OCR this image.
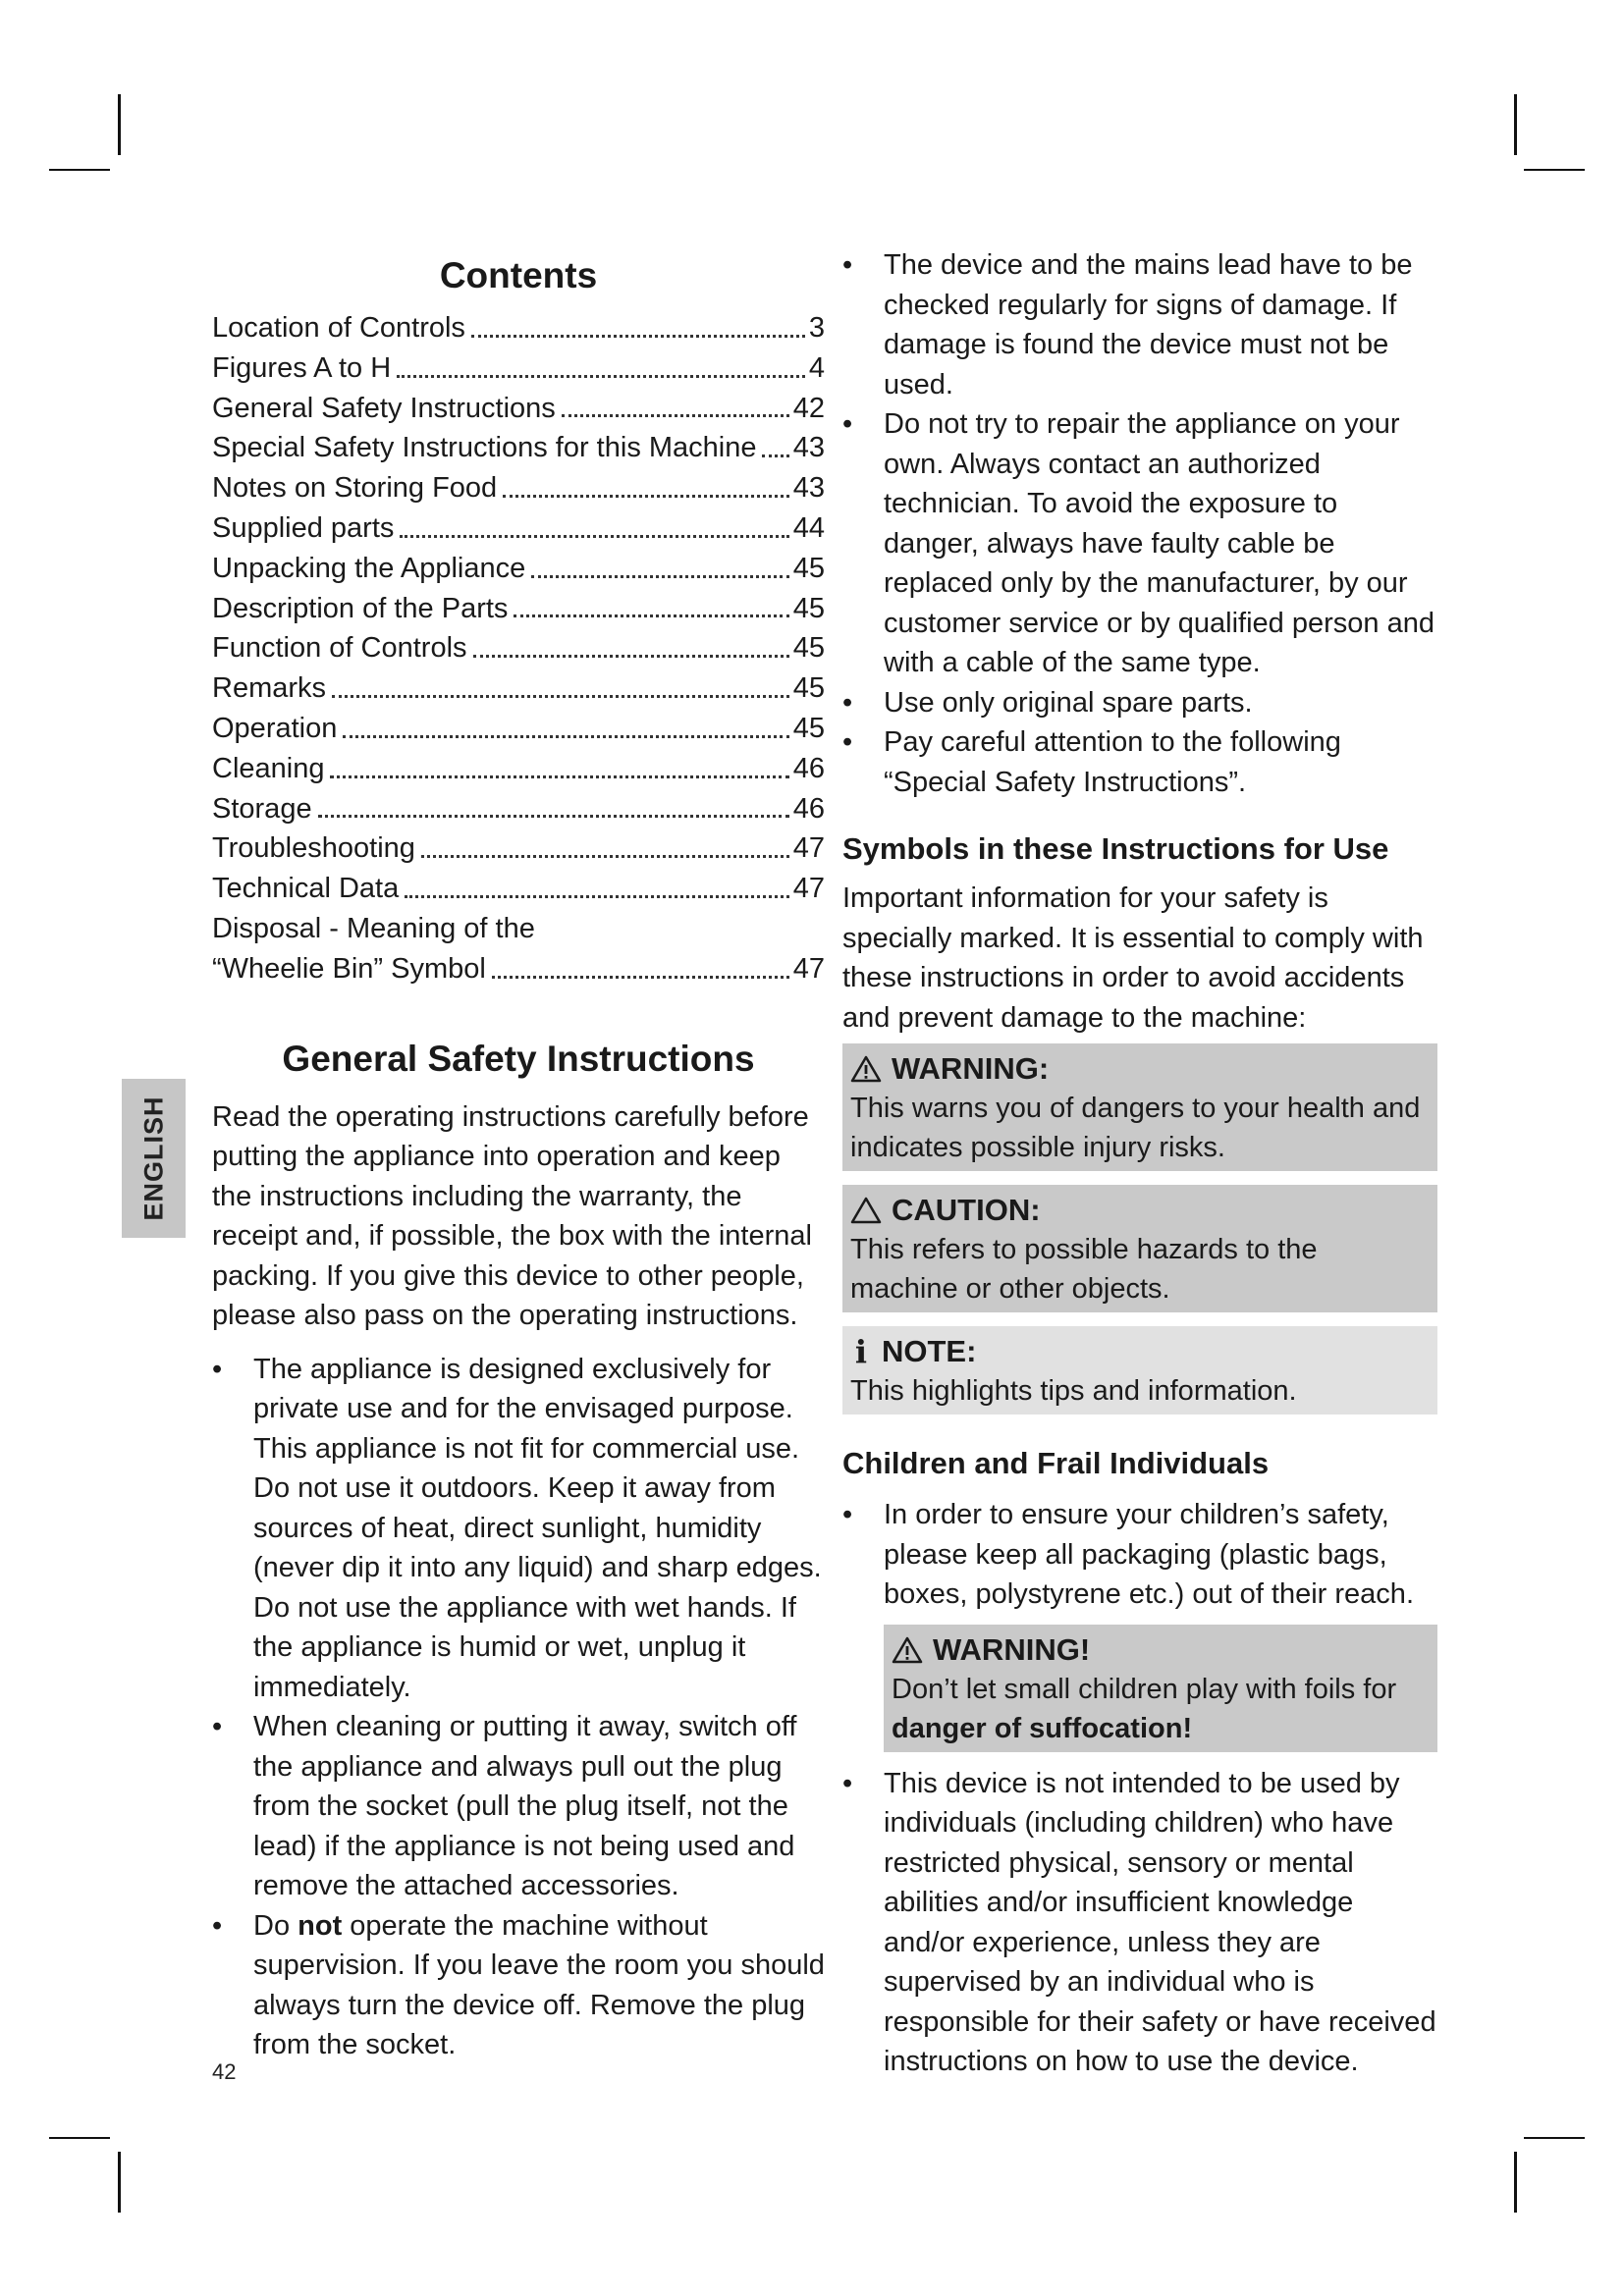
ENGLISH
Contents
Location of Controls	3
Figures A to H	4
General Safety Instructions	42
Special Safety Instructions for this Machine 43
Notes on Storing Food	43
Supplied parts	44
Unpacking the Appliance	45
Description of the Parts	45
Function of Controls	45
Remarks	45
Operation	45
Cleaning	46
Storage	46
Troubleshooting	47
Technical Data	47
Disposal - Meaning of the
“Wheelie Bin” Symbol	47
General Safety Instructions

Read the operating instructions carefully before putting the appliance into operation and keep the instructions including the warranty, the receipt and, if possible, the box with the internal packing. If you give this device to other people, please also pass on the operating instructions.

• The appliance is designed exclusively for private use and for the envisaged purpose. This appliance is not fit for commercial use.
Do not use it outdoors. Keep it away from sources of heat, direct sunlight, humidity (never dip it into any liquid) and sharp edges. Do not use the appliance with wet hands. If the appliance is humid or wet, unplug it immediately.
• When cleaning or putting it away, switch off the appliance and always pull out the plug from the socket (pull the plug itself, not the lead) if the appliance is not being used and remove the attached accessories.
• Do not operate the machine without supervision. If you leave the room you should always turn the device off. Remove the plug from the socket.
• The device and the mains lead have to be checked regularly for signs of damage. If damage is found the device must not be used.
• Do not try to repair the appliance on your own. Always contact an authorized technician. To avoid the exposure to danger, always have faulty cable be replaced only by the manufacturer, by our customer service or by qualified person and with a cable of the same type.
• Use only original spare parts.
• Pay careful attention to the following “Special Safety Instructions”.
Symbols in these Instructions for Use

Important information for your safety is specially marked. It is essential to comply with these instructions in order to avoid accidents and prevent damage to the machine:

WARNING:
This warns you of dangers to your health and indicates possible injury risks.
CAUTION:
This refers to possible hazards to the machine or other objects.
i NOTE:
This highlights tips and information.
Children and Frail Individuals
• In order to ensure your children’s safety, please keep all packaging (plastic bags, boxes, polystyrene etc.) out of their reach.
WARNING!
Don’t let small children play with foils for danger of suffocation!
• This device is not intended to be used by individuals (including children) who have restricted physical, sensory or mental abilities and/or insufficient knowledge and/or experience, unless they are supervised by an individual who is responsible for their safety or have received instructions on how to use the device.
42
